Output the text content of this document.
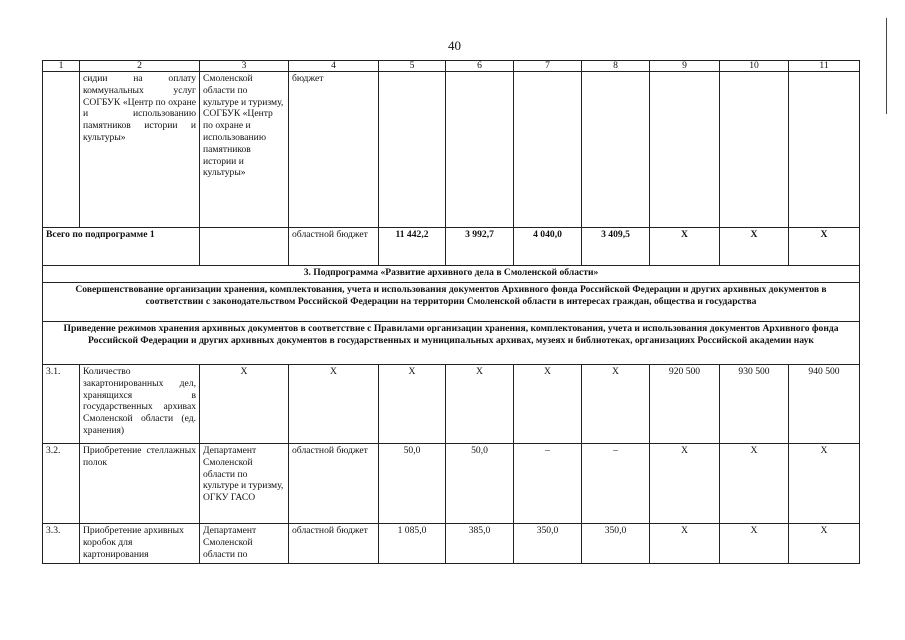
40
1	2	3	4	5	6	7	8	9	10	11
	сидии на оплату коммунальных услуг СОГБУК «Центр по охране и использованию памятников истории и культуры»	Смоленской области по культуре и туризму, СОГБУК «Центр по охране и использованию памятников истории и культуры»	бюджет							
Всего по подпрограмме 1			областной бюджет	11 442,2	3 992,7	4 040,0	3 409,5	Х	Х	Х
3. Подпрограмма «Развитие архивного дела в Смоленской области»										
Совершенствование организации хранения, комплектования, учета и использования документов Архивного фонда Российской Федерации и других архивных документов в соответствии с законодательством Российской Федерации на территории Смоленской области в интересах граждан, общества и государства										
Приведение режимов хранения архивных документов в соответствие с Правилами организации хранения, комплектования, учета и использования документов Архивного фонда Российской Федерации и других архивных документов в государственных и муниципальных архивах, музеях и библиотеках, организациях Российской академии наук										
3.1.	Количество закартонированных дел, хранящихся в государственных архивах Смоленской области (ед. хранения)	Х	Х	Х	Х	Х	Х	920 500	930 500	940 500
3.2.	Приобретение стеллажных полок	Департамент Смоленской области по культуре и туризму, ОГКУ ГАСО	областной бюджет	50,0	50,0	–	–	Х	Х	Х
3.3.	Приобретение архивных коробок для картонирования	Департамент Смоленской области по	областной бюджет	1 085,0	385,0	350,0	350,0	Х	Х	Х
